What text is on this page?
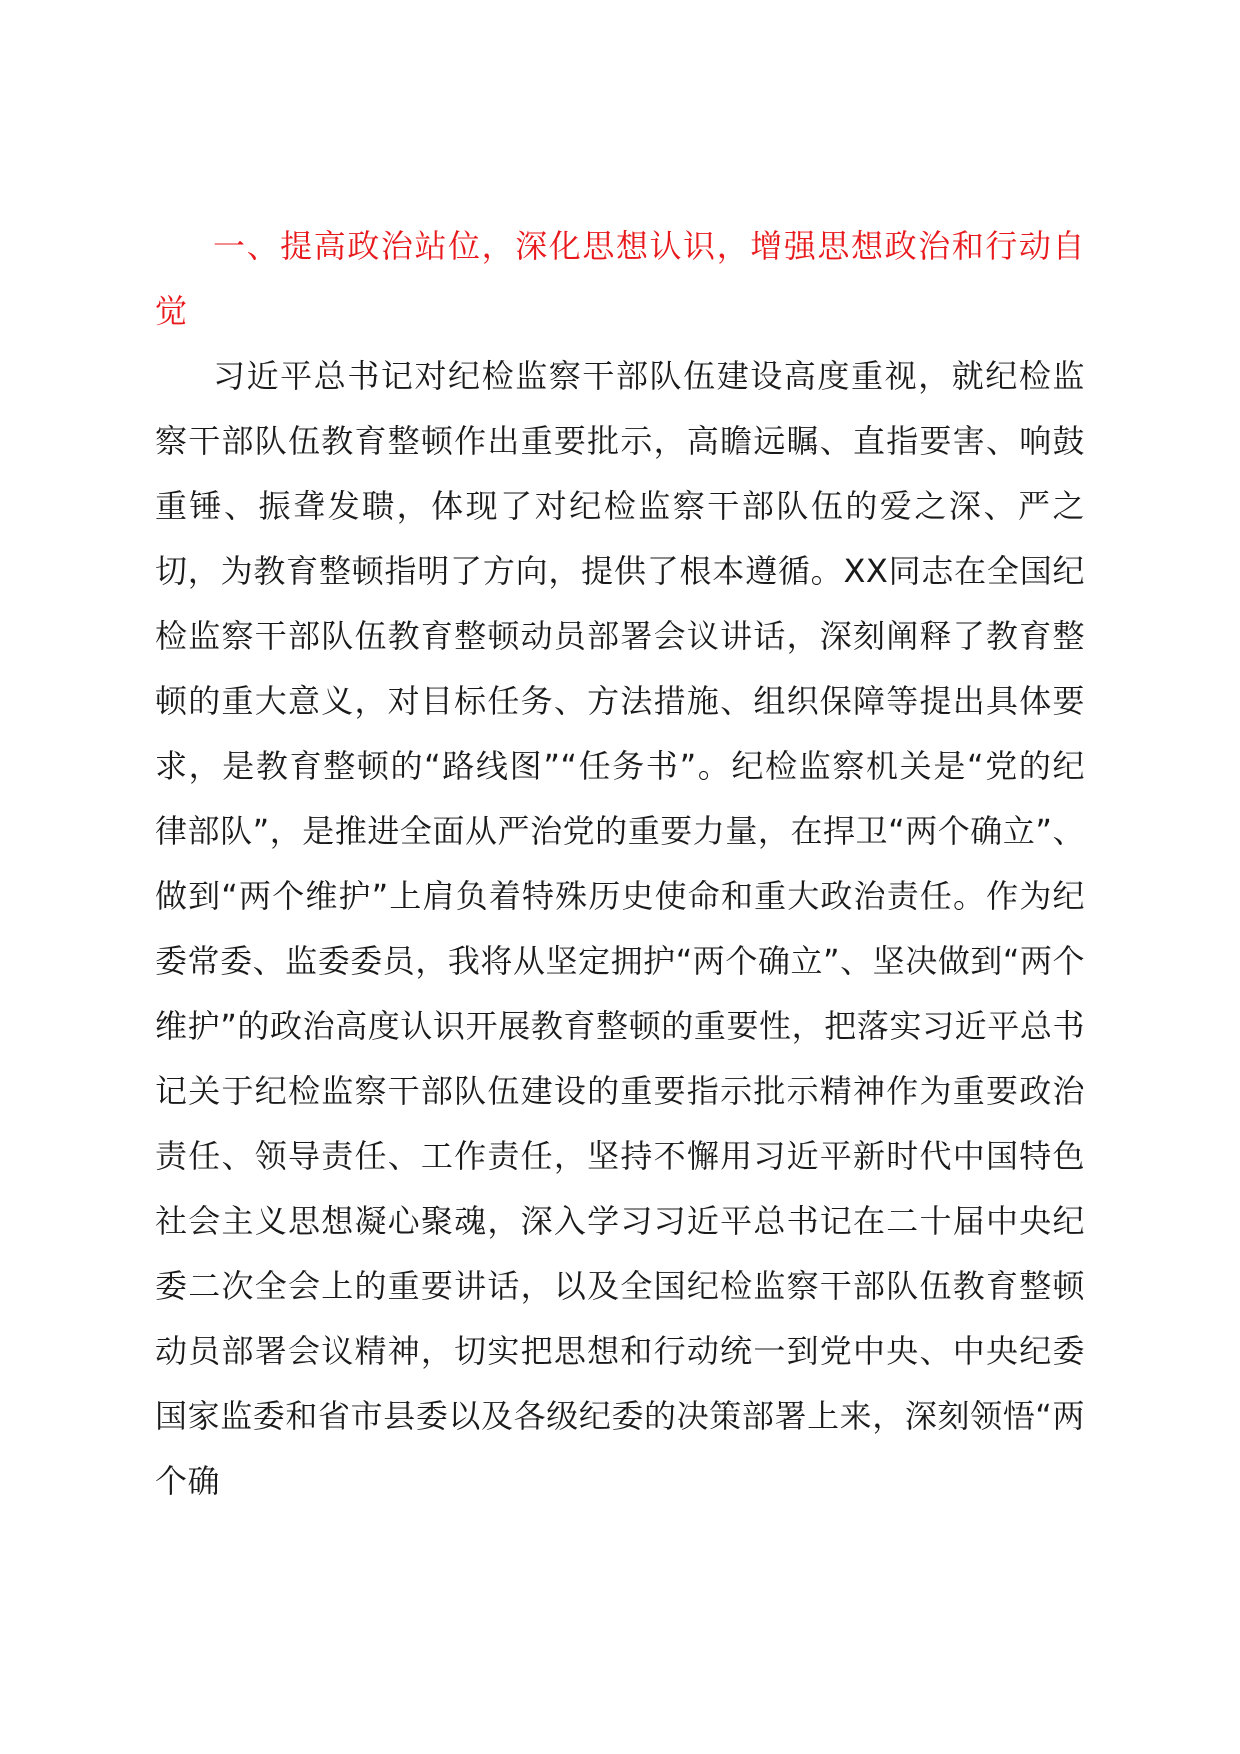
一、提高政治站位，深化思想认识，增强思想政治和行动自觉

习近平总书记对纪检监察干部队伍建设高度重视，就纪检监察干部队伍教育整顿作出重要批示，高瞻远瞩、直指要害、响鼓重锤、振聋发聩，体现了对纪检监察干部队伍的爱之深、严之切，为教育整顿指明了方向，提供了根本遵循。XX同志在全国纪检监察干部队伍教育整顿动员部署会议讲话，深刻阐释了教育整顿的重大意义，对目标任务、方法措施、组织保障等提出具体要求，是教育整顿的“路线图”“任务书”。纪检监察机关是“党的纪律部队”，是推进全面从严治党的重要力量，在捍卫“两个确立”、做到“两个维护”上肩负着特殊历史使命和重大政治责任。作为纪委常委、监委委员，我将从坚定拥护“两个确立”、坚决做到“两个维护”的政治高度认识开展教育整顿的重要性，把落实习近平总书记关于纪检监察干部队伍建设的重要指示批示精神作为重要政治责任、领导责任、工作责任，坚持不懈用习近平新时代中国特色社会主义思想凝心聚魂，深入学习习近平总书记在二十届中央纪委二次全会上的重要讲话，以及全国纪检监察干部队伍教育整顿动员部署会议精神，切实把思想和行动统一到党中央、中央纪委国家监委和省市县委以及各级纪委的决策部署上来，深刻领悟“两个确
